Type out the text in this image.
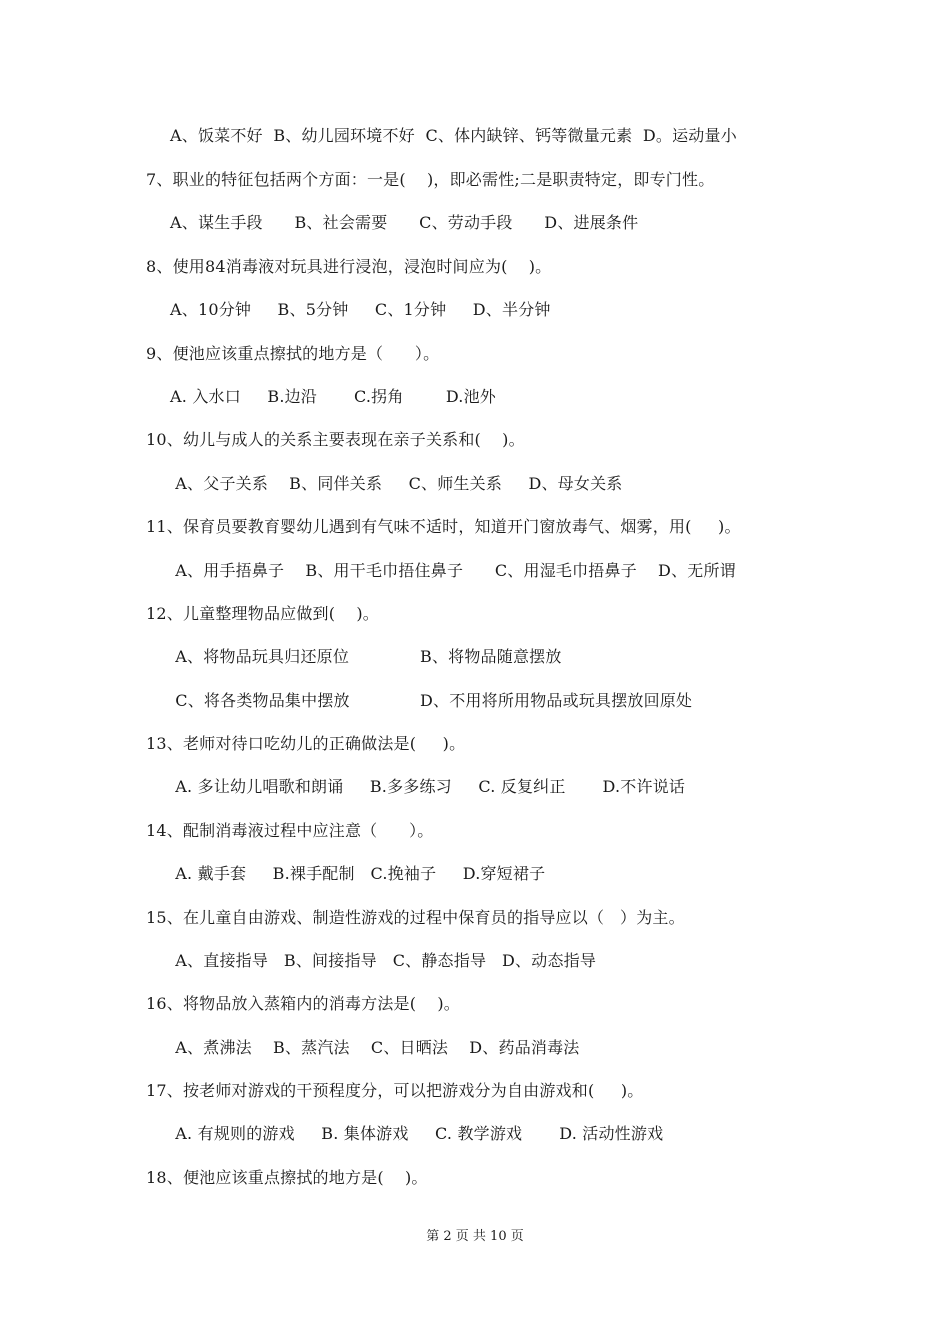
A、饭菜不好  B、幼儿园环境不好  C、体内缺锌、钙等微量元素  D。运动量小
7、职业的特征包括两个方面：一是(    )，即必需性;二是职责特定，即专门性。
A、谋生手段      B、社会需要      C、劳动手段      D、进展条件
8、使用84消毒液对玩具进行浸泡，浸泡时间应为(    )。
A、10分钟     B、5分钟     C、1分钟     D、半分钟
9、便池应该重点擦拭的地方是（      ）。
A. 入水口     B.边沿       C.拐角        D.池外
10、幼儿与成人的关系主要表现在亲子关系和(    )。
A、父子关系    B、同伴关系     C、师生关系     D、母女关系
11、保育员要教育婴幼儿遇到有气味不适时，知道开门窗放毒气、烟雾，用(     )。
A、用手捂鼻子    B、用干毛巾捂住鼻子      C、用湿毛巾捂鼻子    D、无所谓
12、儿童整理物品应做到(    )。
A、将物品玩具归还原位	B、将物品随意摆放
C、将各类物品集中摆放	D、不用将所用物品或玩具摆放回原处
13、老师对待口吃幼儿的正确做法是(     )。
A. 多让幼儿唱歌和朗诵     B.多多练习     C. 反复纠正       D.不许说话
14、配制消毒液过程中应注意（      ）。
A. 戴手套     B.裸手配制   C.挽袖子     D.穿短裙子
15、在儿童自由游戏、制造性游戏的过程中保育员的指导应以（   ）为主。
A、直接指导   B、间接指导   C、静态指导   D、动态指导
16、将物品放入蒸箱内的消毒方法是(    )。
A、煮沸法    B、蒸汽法    C、日晒法    D、药品消毒法
17、按老师对游戏的干预程度分，可以把游戏分为自由游戏和(     )。
A. 有规则的游戏     B. 集体游戏     C. 教学游戏       D. 活动性游戏
18、便池应该重点擦拭的地方是(    )。
第 2 页 共 10 页
